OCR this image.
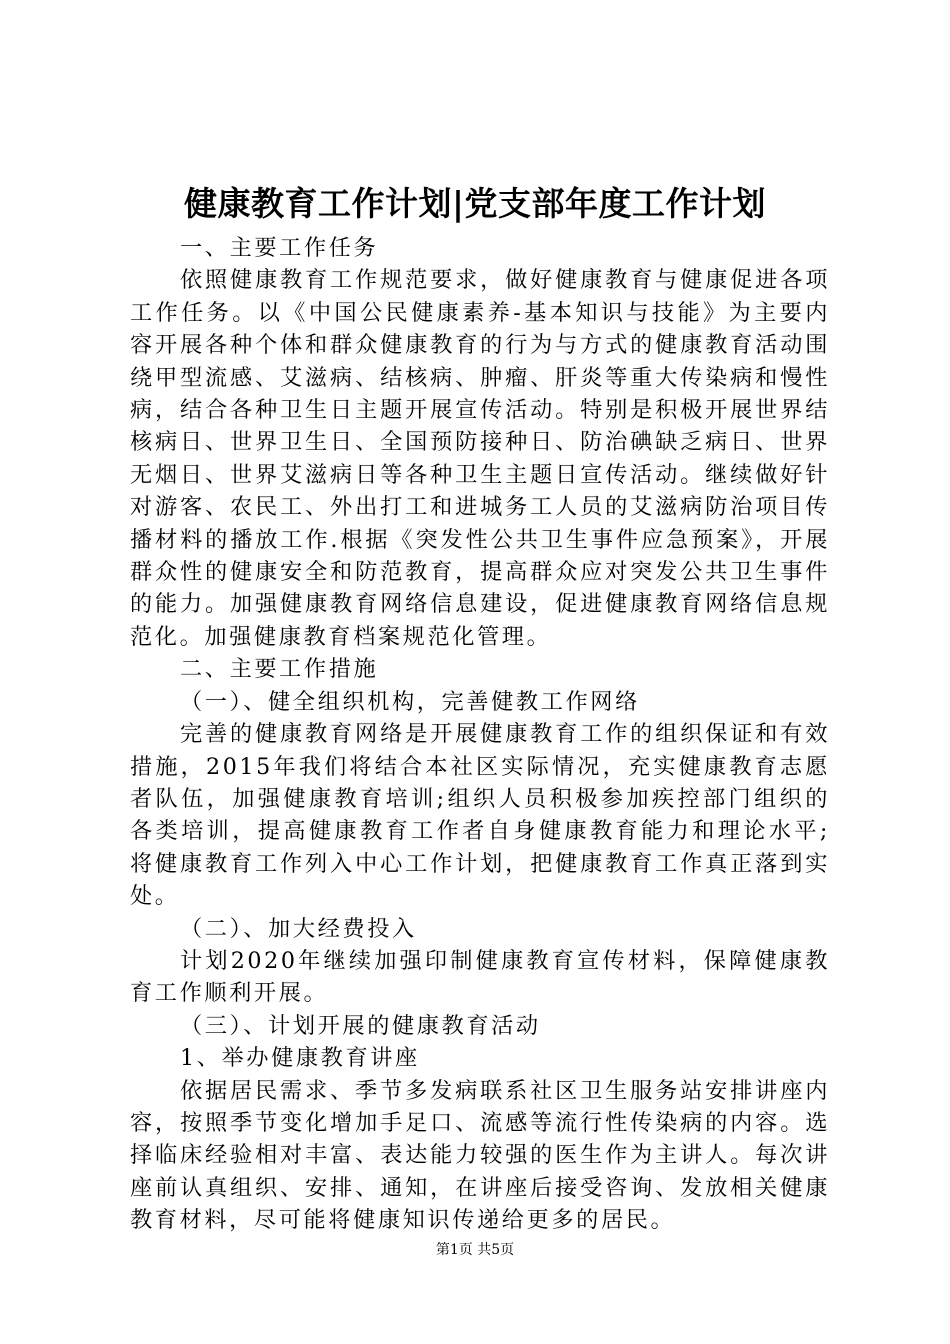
健康教育工作计划|党支部年度工作计划

一、主要工作任务

依照健康教育工作规范要求，做好健康教育与健康促进各项工作任务。以《中国公民健康素养-基本知识与技能》为主要内容开展各种个体和群众健康教育的行为与方式的健康教育活动围绕甲型流感、艾滋病、结核病、肿瘤、肝炎等重大传染病和慢性病，结合各种卫生日主题开展宣传活动。特别是积极开展世界结核病日、世界卫生日、全国预防接种日、防治碘缺乏病日、世界无烟日、世界艾滋病日等各种卫生主题日宣传活动。继续做好针对游客、农民工、外出打工和进城务工人员的艾滋病防治项目传播材料的播放工作.根据《突发性公共卫生事件应急预案》，开展群众性的健康安全和防范教育，提高群众应对突发公共卫生事件的能力。加强健康教育网络信息建设，促进健康教育网络信息规范化。加强健康教育档案规范化管理。

二、主要工作措施

（一）、健全组织机构，完善健教工作网络

完善的健康教育网络是开展健康教育工作的组织保证和有效措施，2015年我们将结合本社区实际情况，充实健康教育志愿者队伍，加强健康教育培训;组织人员积极参加疾控部门组织的各类培训，提高健康教育工作者自身健康教育能力和理论水平;将健康教育工作列入中心工作计划，把健康教育工作真正落到实处。

（二）、加大经费投入

计划2020年继续加强印制健康教育宣传材料，保障健康教育工作顺利开展。

（三）、计划开展的健康教育活动

1、举办健康教育讲座

依据居民需求、季节多发病联系社区卫生服务站安排讲座内容，按照季节变化增加手足口、流感等流行性传染病的内容。选择临床经验相对丰富、表达能力较强的医生作为主讲人。每次讲座前认真组织、安排、通知，在讲座后接受咨询、发放相关健康教育材料，尽可能将健康知识传递给更多的居民。

第1页 共5页
